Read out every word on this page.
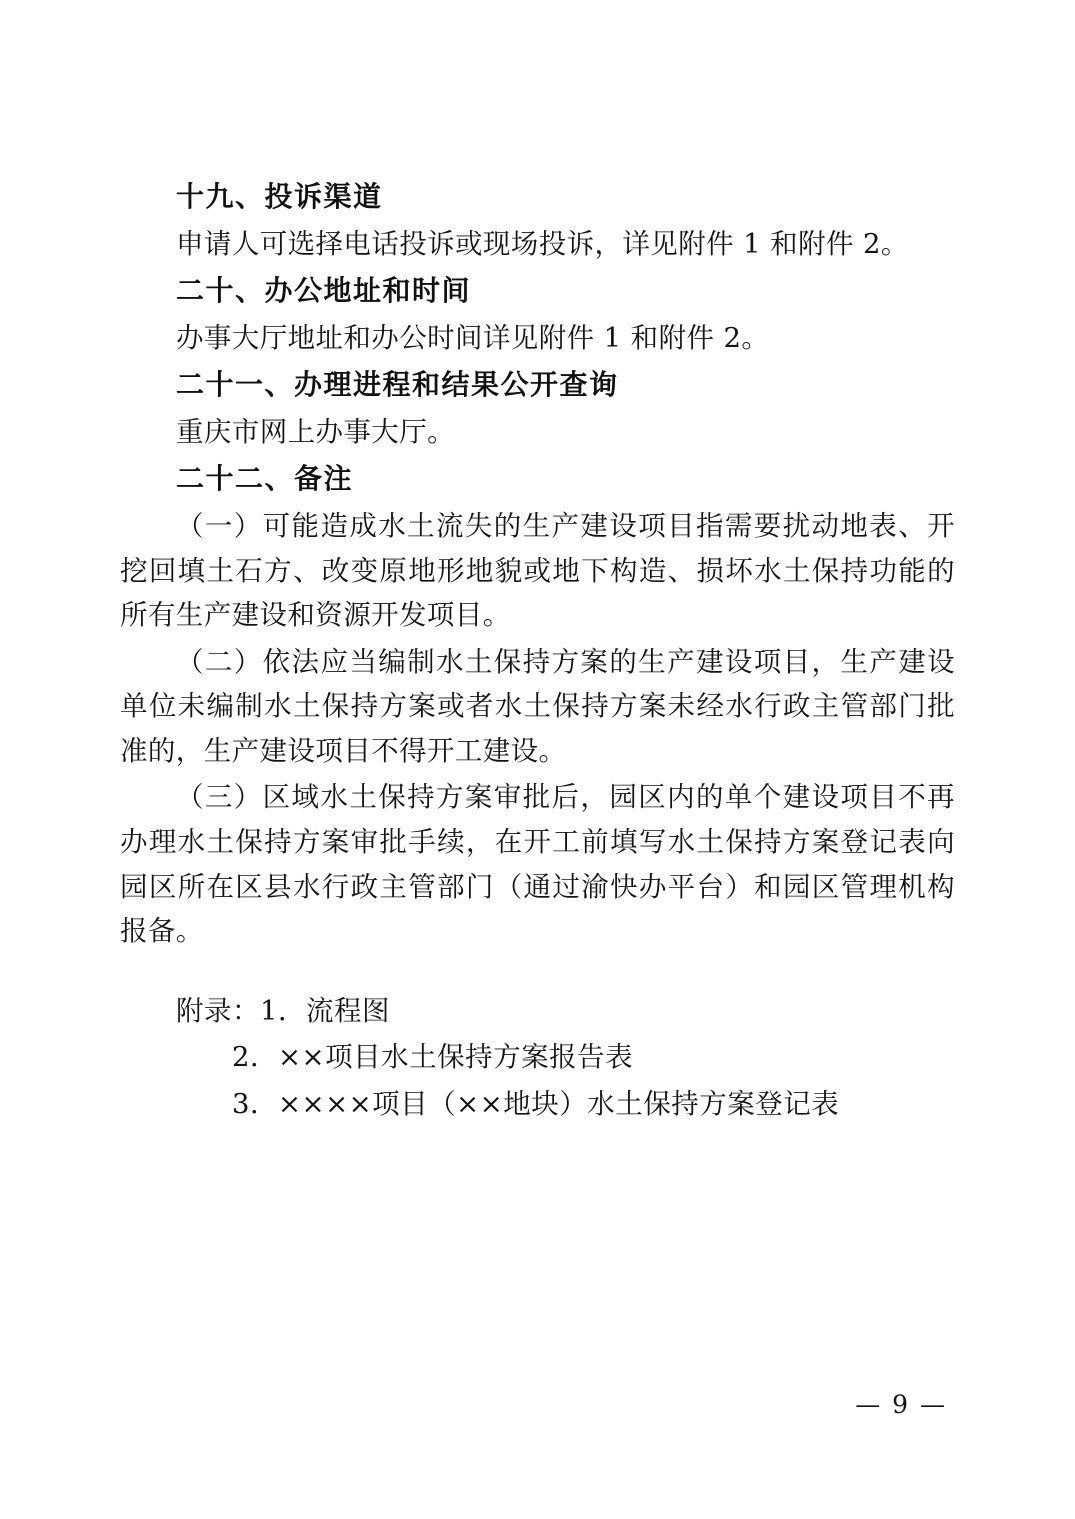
十九、投诉渠道

申请人可选择电话投诉或现场投诉，详见附件 1 和附件 2。

二十、办公地址和时间

办事大厅地址和办公时间详见附件 1 和附件 2。

二十一、办理进程和结果公开查询

重庆市网上办事大厅。

二十二、备注

（一）可能造成水土流失的生产建设项目指需要扰动地表、开挖回填土石方、改变原地形地貌或地下构造、损坏水土保持功能的所有生产建设和资源开发项目。

（二）依法应当编制水土保持方案的生产建设项目，生产建设单位未编制水土保持方案或者水土保持方案未经水行政主管部门批准的，生产建设项目不得开工建设。

（三）区域水土保持方案审批后，园区内的单个建设项目不再办理水土保持方案审批手续，在开工前填写水土保持方案登记表向园区所在区县水行政主管部门（通过渝快办平台）和园区管理机构报备。

附录：1．流程图

2．××项目水土保持方案报告表

3．××××项目（××地块）水土保持方案登记表

— 9 —
